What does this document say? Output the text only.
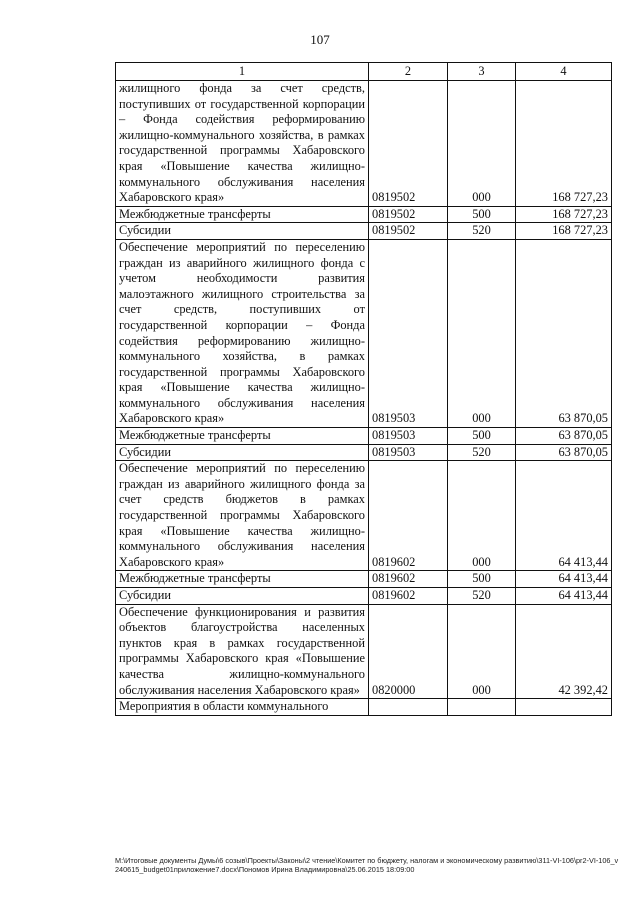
107
1	2	3	4
жилищного фонда за счет средств, поступивших от государственной корпорации – Фонда содействия реформированию жилищно-коммунального хозяйства, в рамках государственной программы Хабаровского края «Повышение качества жилищно-коммунального обслуживания населения Хабаровского края»	0819502	000	168 727,23
Межбюджетные трансферты	0819502	500	168 727,23
Субсидии	0819502	520	168 727,23
Обеспечение мероприятий по переселению граждан из аварийного жилищного фонда с учетом необходимости развития малоэтажного жилищного строительства за счет средств, поступивших от государственной корпорации – Фонда содействия реформированию жилищно-коммунального хозяйства, в рамках государственной программы Хабаровского края «Повышение качества жилищно-коммунального обслуживания населения Хабаровского края»	0819503	000	63 870,05
Межбюджетные трансферты	0819503	500	63 870,05
Субсидии	0819503	520	63 870,05
Обеспечение мероприятий по переселению граждан из аварийного жилищного фонда за счет средств бюджетов в рамках государственной программы Хабаровского края «Повышение качества жилищно-коммунального обслуживания населения Хабаровского края»	0819602	000	64 413,44
Межбюджетные трансферты	0819602	500	64 413,44
Субсидии	0819602	520	64 413,44
Обеспечение функционирования и развития объектов благоустройства населенных пунктов края в рамках государственной программы Хабаровского края «Повышение качества жилищно-коммунального обслуживания населения Хабаровского края»	0820000	000	42 392,42
Мероприятия в области коммунального			
М:\Итоговые документы Думы\6 созыв\Проекты\Законы\2 чтение\Комитет по бюджету, налогам и экономическому развитию\311-VI-106\pr2-VI-106_v240615_budget01приложение7.docx\Пономов Ирина Владимировна\25.06.2015 18:09:00
